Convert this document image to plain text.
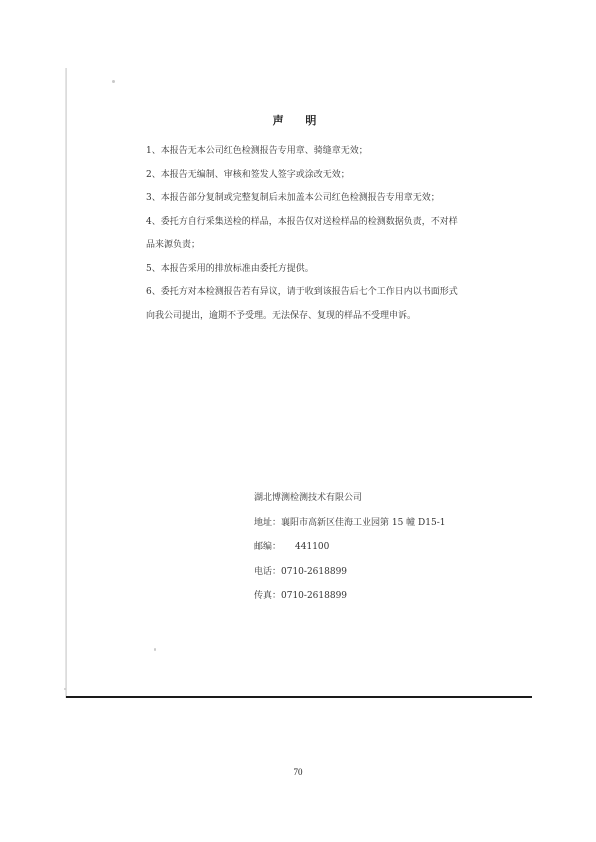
声 明

1、本报告无本公司红色检测报告专用章、骑缝章无效；

2、本报告无编制、审核和签发人签字或涂改无效；

3、本报告部分复制或完整复制后未加盖本公司红色检测报告专用章无效；

4、委托方自行采集送检的样品，本报告仅对送检样品的检测数据负责，不对样品来源负责；

5、本报告采用的排放标准由委托方提供。

6、委托方对本检测报告若有异议，请于收到该报告后七个工作日内以书面形式向我公司提出，逾期不予受理。无法保存、复现的样品不受理申诉。

湖北博测检测技术有限公司
地址：襄阳市高新区佳海工业园第 15 幢 D15-1
邮编： 441100
电话：0710-2618899
传真：0710-2618899
70
